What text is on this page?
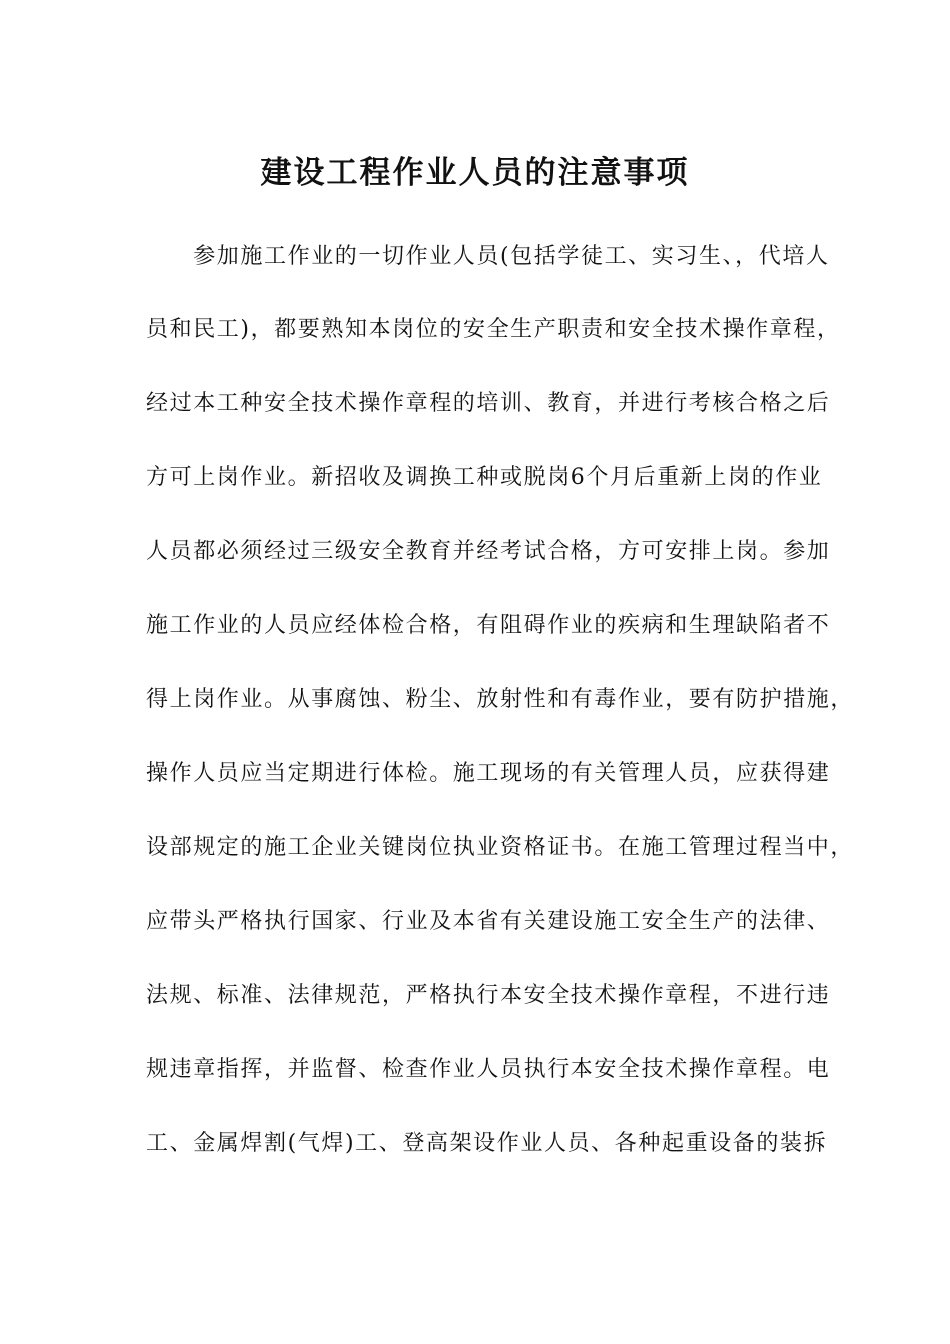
建设工程作业人员的注意事项
　　参加施工作业的一切作业人员(包括学徒工、实习生、，代培人
员和民工)，都要熟知本岗位的安全生产职责和安全技术操作章程，
经过本工种安全技术操作章程的培训、教育，并进行考核合格之后
方可上岗作业。新招收及调换工种或脱岗6个月后重新上岗的作业
人员都必须经过三级安全教育并经考试合格，方可安排上岗。参加
施工作业的人员应经体检合格，有阻碍作业的疾病和生理缺陷者不
得上岗作业。从事腐蚀、粉尘、放射性和有毒作业，要有防护措施，
操作人员应当定期进行体检。施工现场的有关管理人员，应获得建
设部规定的施工企业关键岗位执业资格证书。在施工管理过程当中，
应带头严格执行国家、行业及本省有关建设施工安全生产的法律、
法规、标准、法律规范，严格执行本安全技术操作章程，不进行违
规违章指挥，并监督、检查作业人员执行本安全技术操作章程。电
工、金属焊割(气焊)工、登高架设作业人员、各种起重设备的装拆
